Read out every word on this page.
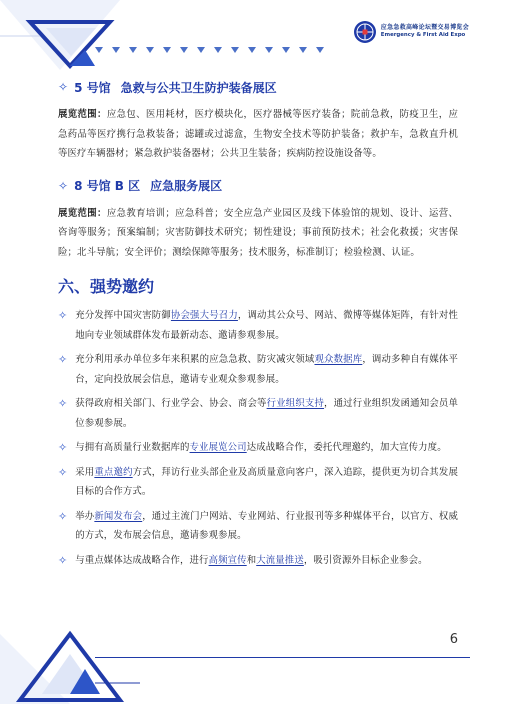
应急急救高峰论坛暨交易博览会
Emergency & First Aid Expo
✧ 5 号馆 急救与公共卫生防护装备展区

展览范围：应急包、医用耗材，医疗模块化，医疗器械等医疗装备；院前急救，防疫卫生，应急药品等医疗携行急救装备；滤罐或过滤盒，生物安全技术等防护装备；救护车，急救直升机等医疗车辆器材；紧急救护装备器材；公共卫生装备；疾病防控设施设备等。

✧ 8 号馆 B 区 应急服务展区

展览范围：应急教育培训；应急科普；安全应急产业园区及线下体验馆的规划、设计、运营、咨询等服务；预案编制；灾害防御技术研究；韧性建设；事前预防技术；社会化救援；灾害保险；北斗导航；安全评价；测绘保障等服务；技术服务，标准制订；检验检测、认证。

六、强势邀约
✧ 充分发挥中国灾害防御协会强大号召力，调动其公众号、网站、微博等媒体矩阵，有针对性地向专业领域群体发布最新动态、邀请参观参展。
✧ 充分利用承办单位多年来积累的应急急救、防灾减灾领域观众数据库，调动多种自有媒体平台，定向投放展会信息，邀请专业观众参观参展。
✧ 获得政府相关部门、行业学会、协会、商会等行业组织支持，通过行业组织发函通知会员单位参观参展。
✧ 与拥有高质量行业数据库的专业展览公司达成战略合作，委托代理邀约，加大宣传力度。
✧ 采用重点邀约方式，拜访行业头部企业及高质量意向客户，深入追踪，提供更为切合其发展目标的合作方式。
✧ 举办新闻发布会，通过主流门户网站、专业网站、行业报刊等多种媒体平台，以官方、权威的方式，发布展会信息，邀请参观参展。
✧ 与重点媒体达成战略合作，进行高频宣传和大流量推送，吸引资源外目标企业参会。
6
